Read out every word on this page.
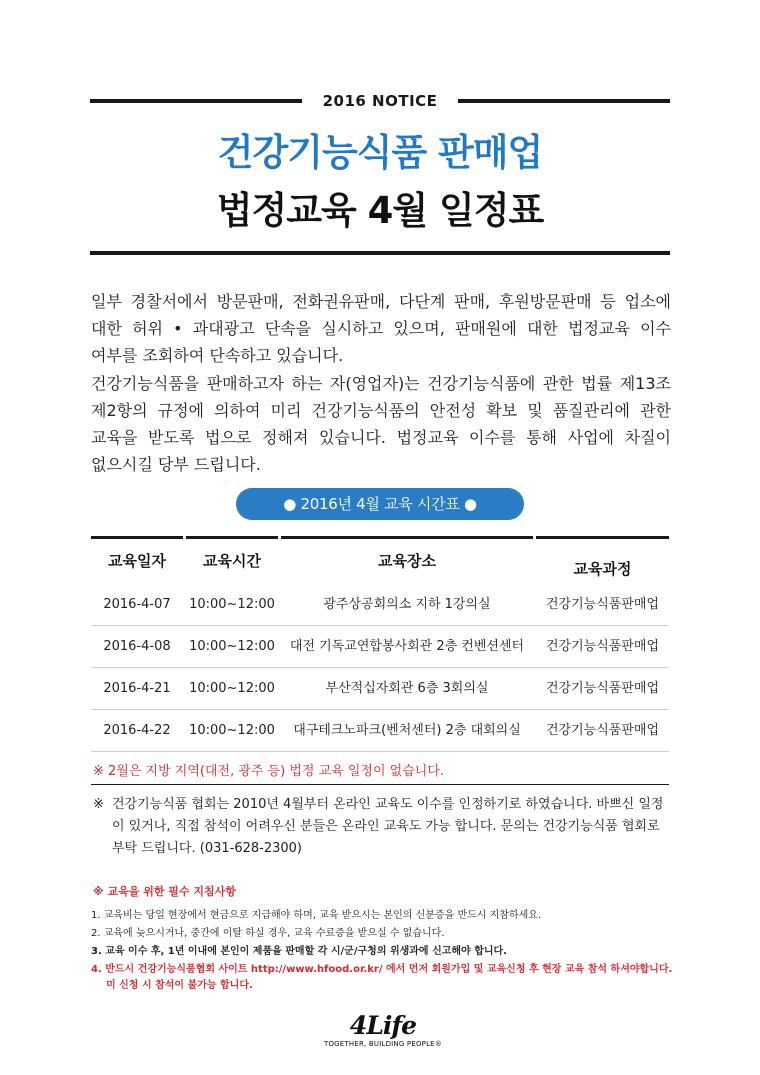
2016 NOTICE
건강기능식품 판매업
법정교육 4월 일정표
일부 경찰서에서 방문판매, 전화권유판매, 다단계 판매, 후원방문판매 등 업소에 대한 허위 • 과대광고 단속을 실시하고 있으며, 판매원에 대한 법정교육 이수 여부를 조회하여 단속하고 있습니다.
건강기능식품을 판매하고자 하는 자(영업자)는 건강기능식품에 관한 법률 제13조 제2항의 규정에 의하여 미리 건강기능식품의 안전성 확보 및 품질관리에 관한 교육을 받도록 법으로 정해져 있습니다. 법정교육 이수를 통해 사업에 차질이 없으시길 당부 드립니다.
● 2016년 4월 교육 시간표 ●
교육일자	교육시간	교육장소	교육과정
2016-4-07	10:00~12:00	광주상공회의소 지하 1강의실	건강기능식품판매업
2016-4-08	10:00~12:00	대전 기독교연합봉사회관 2층 컨벤션센터	건강기능식품판매업
2016-4-21	10:00~12:00	부산적십자회관 6층 3회의실	건강기능식품판매업
2016-4-22	10:00~12:00	대구테크노파크(벤처센터) 2층 대회의실	건강기능식품판매업
※ 2월은 지방 지역(대전, 광주 등) 법정 교육 일정이 없습니다.
※ 건강기능식품 협회는 2010년 4월부터 온라인 교육도 이수를 인정하기로 하였습니다. 바쁘신 일정이 있거나, 직접 참석이 어려우신 분들은 온라인 교육도 가능 합니다. 문의는 건강기능식품 협회로 부탁 드립니다. (031-628-2300)
※ 교육을 위한 필수 지침사항
1. 교육비는 당일 현장에서 현금으로 지급해야 하며, 교육 받으시는 본인의 신분증을 반드시 지참하세요.
2. 교육에 늦으시거나, 중간에 이탈 하실 경우, 교육 수료증을 받으실 수 없습니다.
3. 교육 이수 후, 1년 이내에 본인이 제품을 판매할 각 시/군/구청의 위생과에 신고해야 합니다.
4. 반드시 건강기능식품협회 사이트 http://www.hfood.or.kr/ 에서 먼저 회원가입 및 교육신청 후 현장 교육 참석 하셔야합니다.
미 신청 시 참석이 불가능 합니다.
4Life
TOGETHER, BUILDING PEOPLE®
